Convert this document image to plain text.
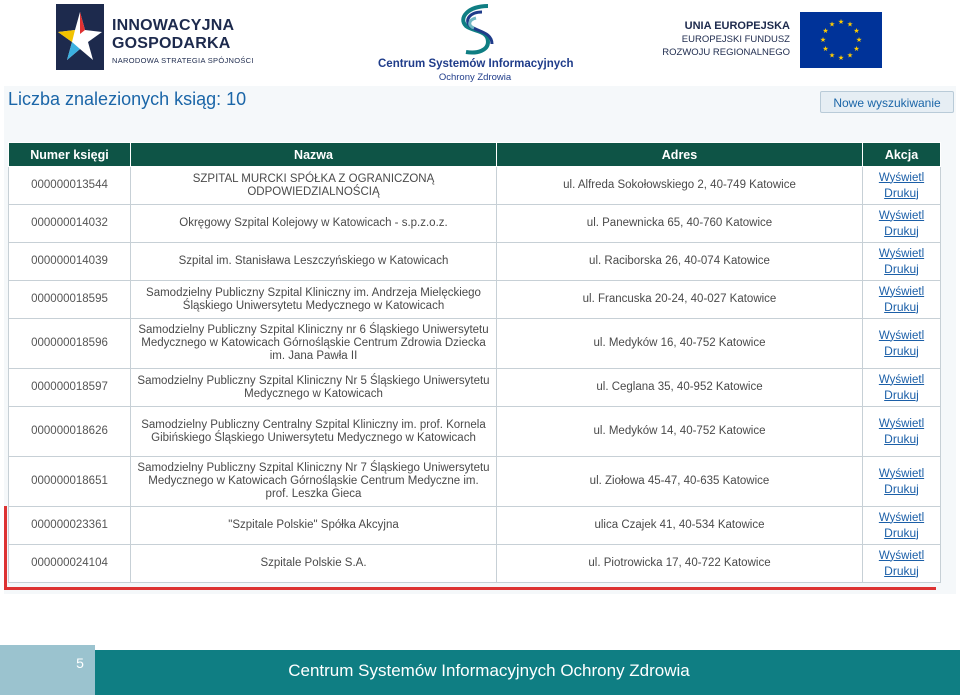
INNOWACYJNA
GOSPODARKA
NARODOWA STRATEGIA SPÓJNOŚCI	Centrum Systemów Informacyjnych
Ochrony Zdrowia
UNIA EUROPEJSKA
EUROPEJSKI FUNDUSZ
ROZWOJU REGIONALNEGO
★ ★
★
★
★
★
★
★
★
★
★
★
Liczba znalezionych ksiąg: 10	Nowe wyszukiwanie
Numer księgi	Nazwa	Adres	Akcja
000000013544	SZPITAL MURCKI SPÓŁKA Z OGRANICZONĄ ODPOWIEDZIALNOŚCIĄ	ul. Alfreda Sokołowskiego 2, 40-749 Katowice	Wyświetl
Drukuj

000000014032	Okręgowy Szpital Kolejowy w Katowicach - s.p.z.o.z.	ul. Panewnicka 65, 40-760 Katowice	Wyświetl
Drukuj

000000014039	Szpital im. Stanisława Leszczyńskiego w Katowicach	ul. Raciborska 26, 40-074 Katowice	Wyświetl
Drukuj

000000018595	Samodzielny Publiczny Szpital Kliniczny im. Andrzeja Mielęckiego Śląskiego Uniwersytetu Medycznego w Katowicach	ul. Francuska 20-24, 40-027 Katowice	Wyświetl
Drukuj

000000018596	Samodzielny Publiczny Szpital Kliniczny nr 6 Śląskiego Uniwersytetu Medycznego w Katowicach Górnośląskie Centrum Zdrowia Dziecka im. Jana Pawła II	ul. Medyków 16, 40-752 Katowice	Wyświetl
Drukuj

000000018597	Samodzielny Publiczny Szpital Kliniczny Nr 5 Śląskiego Uniwersytetu Medycznego w Katowicach	ul. Ceglana 35, 40-952 Katowice	Wyświetl
Drukuj

000000018626	Samodzielny Publiczny Centralny Szpital Kliniczny im. prof. Kornela Gibińskiego Śląskiego Uniwersytetu Medycznego w Katowicach	ul. Medyków 14, 40-752 Katowice	Wyświetl
Drukuj

000000018651	Samodzielny Publiczny Szpital Kliniczny Nr 7 Śląskiego Uniwersytetu Medycznego w Katowicach Górnośląskie Centrum Medyczne im. prof. Leszka Gieca	ul. Ziołowa 45-47, 40-635 Katowice	Wyświetl
Drukuj

000000023361	"Szpitale Polskie" Spółka Akcyjna	ulica Czajek 41, 40-534 Katowice	Wyświetl
Drukuj

000000024104	Szpitale Polskie S.A.	ul. Piotrowicka 17, 40-722 Katowice	Wyświetl
Drukuj
5	Centrum Systemów Informacyjnych Ochrony Zdrowia
